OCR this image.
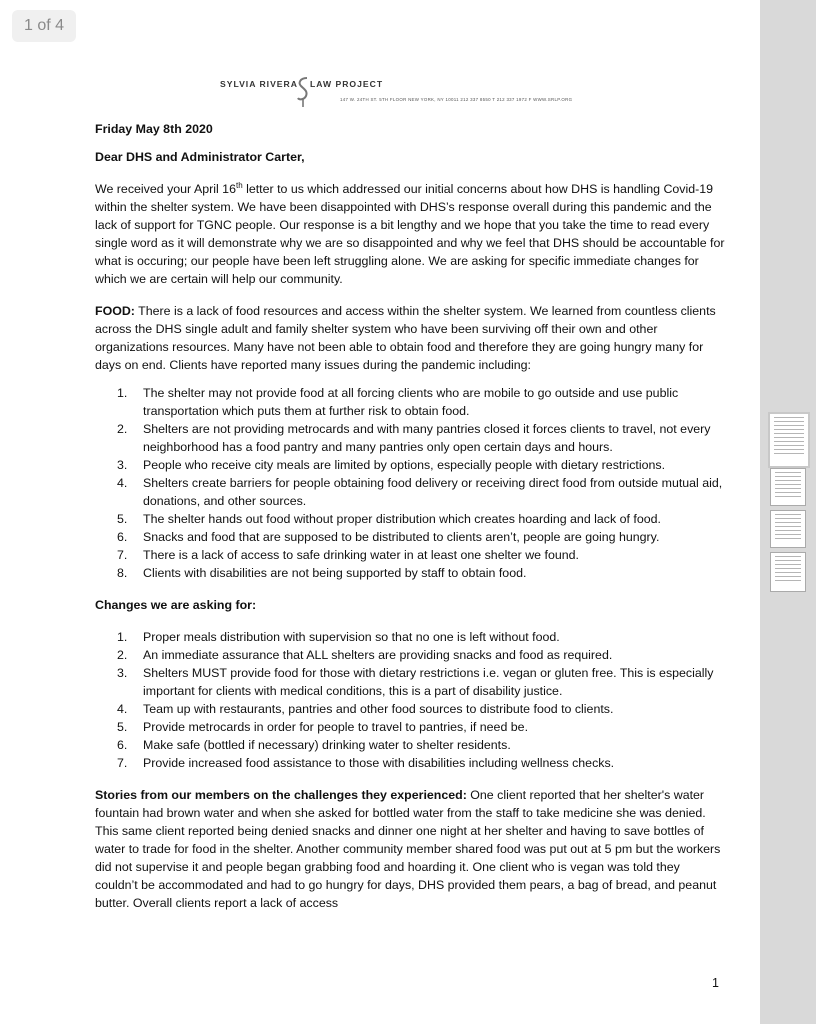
1 of 4
SYLVIA RIVERA LAW PROJECT
147 W. 24TH ST. 5TH FLOOR NEW YORK, NY 10011 212 337 8550 T 212 337 1972 F WWW.SRLP.ORG

Friday May 8th 2020

Dear DHS and Administrator Carter,

We received your April 16th letter to us which addressed our initial concerns about how DHS is handling Covid-19 within the shelter system. We have been disappointed with DHS’s response overall during this pandemic and the lack of support for TGNC people. Our response is a bit lengthy and we hope that you take the time to read every single word as it will demonstrate why we are so disappointed and why we feel that DHS should be accountable for what is occuring; our people have been left struggling alone. We are asking for specific immediate changes for which we are certain will help our community.

FOOD: There is a lack of food resources and access within the shelter system. We learned from countless clients across the DHS single adult and family shelter system who have been surviving off their own and other organizations resources. Many have not been able to obtain food and therefore they are going hungry many for days on end. Clients have reported many issues during the pandemic including:

1. The shelter may not provide food at all forcing clients who are mobile to go outside and use public transportation which puts them at further risk to obtain food.
2. Shelters are not providing metrocards and with many pantries closed it forces clients to travel, not every neighborhood has a food pantry and many pantries only open certain days and hours.
3. People who receive city meals are limited by options, especially people with dietary restrictions.
4. Shelters create barriers for people obtaining food delivery or receiving direct food from outside mutual aid, donations, and other sources.
5. The shelter hands out food without proper distribution which creates hoarding and lack of food.
6. Snacks and food that are supposed to be distributed to clients aren’t, people are going hungry.
7. There is a lack of access to safe drinking water in at least one shelter we found.
8. Clients with disabilities are not being supported by staff to obtain food.

Changes we are asking for:

1. Proper meals distribution with supervision so that no one is left without food.
2. An immediate assurance that ALL shelters are providing snacks and food as required.
3. Shelters MUST provide food for those with dietary restrictions i.e. vegan or gluten free. This is especially important for clients with medical conditions, this is a part of disability justice.
4. Team up with restaurants, pantries and other food sources to distribute food to clients.
5. Provide metrocards in order for people to travel to pantries, if need be.
6. Make safe (bottled if necessary) drinking water to shelter residents.
7. Provide increased food assistance to those with disabilities including wellness checks.

Stories from our members on the challenges they experienced: One client reported that her shelter's water fountain had brown water and when she asked for bottled water from the staff to take medicine she was denied. This same client reported being denied snacks and dinner one night at her shelter and having to save bottles of water to trade for food in the shelter. Another community member shared food was put out at 5 pm but the workers did not supervise it and people began grabbing food and hoarding it. One client who is vegan was told they couldn’t be accommodated and had to go hungry for days, DHS provided them pears, a bag of bread, and peanut butter. Overall clients report a lack of access

1
